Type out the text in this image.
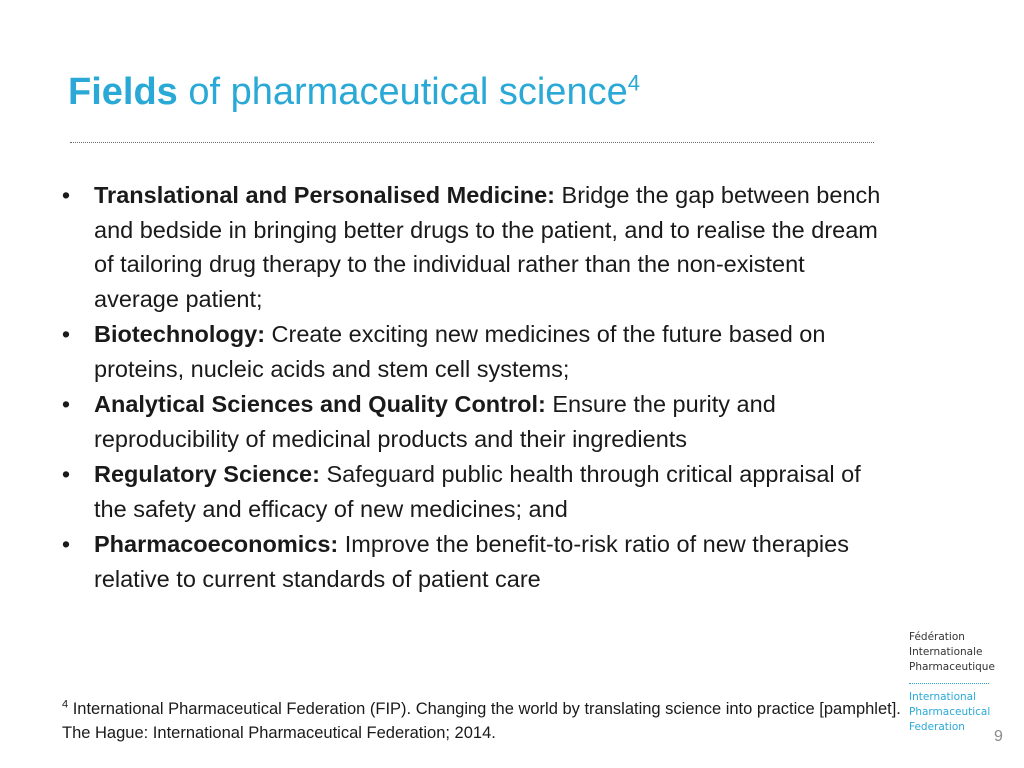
Fields of pharmaceutical science$^4$
• Translational and Personalised Medicine: Bridge the gap between bench and bedside in bringing better drugs to the patient, and to realise the dream of tailoring drug therapy to the individual rather than the non-existent average patient;
• Biotechnology: Create exciting new medicines of the future based on proteins, nucleic acids and stem cell systems;
• Analytical Sciences and Quality Control: Ensure the purity and reproducibility of medicinal products and their ingredients
• Regulatory Science: Safeguard public health through critical appraisal of the safety and efficacy of new medicines; and
• Pharmacoeconomics: Improve the benefit-to-risk ratio of new therapies relative to current standards of patient care

$^4$ International Pharmaceutical Federation (FIP). Changing the world by translating science into practice [pamphlet]. The Hague: International Pharmaceutical Federation; 2014.

Fédération
Internationale
Pharmaceutique
International
Pharmaceutical
Federation
9
